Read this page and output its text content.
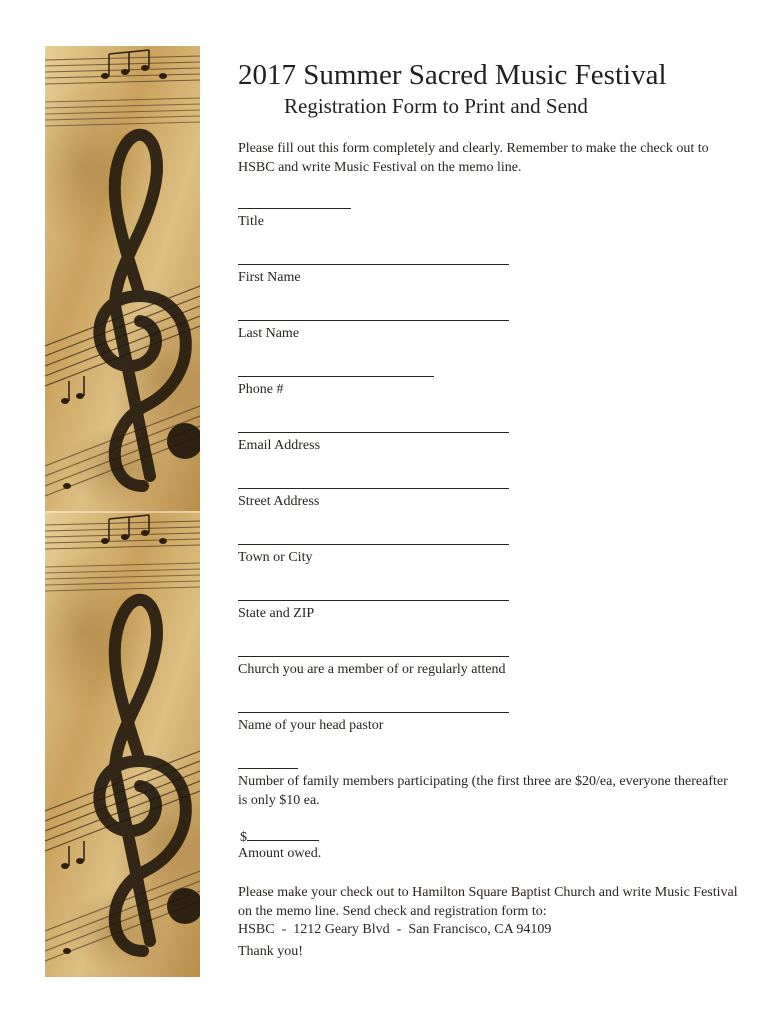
2017 Summer Sacred Music Festival
Registration Form to Print and Send

Please fill out this form completely and clearly. Remember to make the check out to HSBC and write Music Festival on the memo line.

Title
First Name
Last Name
Phone #
Email Address
Street Address
Town or City
State and ZIP
Church you are a member of or regularly attend
Name of your head pastor
Number of family members participating (the first three are $20/ea, everyone thereafter is only $10 ea.
$
Amount owed.
Please make your check out to Hamilton Square Baptist Church and write Music Festival on the memo line. Send check and registration form to:
HSBC  -  1212 Geary Blvd  -  San Francisco, CA 94109
Thank you!
